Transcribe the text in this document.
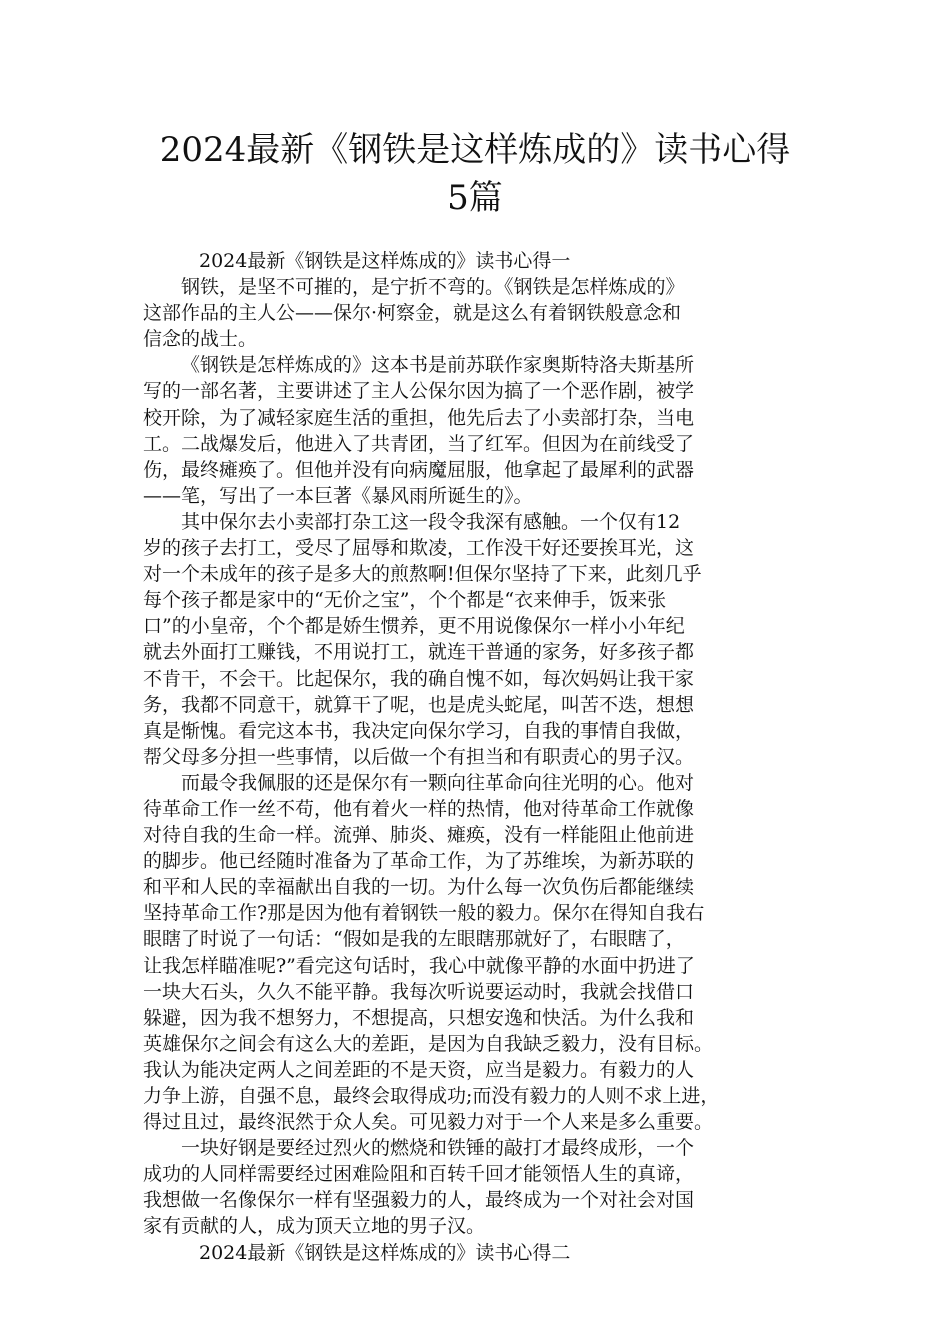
2024最新《钢铁是这样炼成的》读书心得
5篇

2024最新《钢铁是这样炼成的》读书心得一

钢铁，是坚不可摧的，是宁折不弯的。《钢铁是怎样炼成的》
这部作品的主人公——保尔·柯察金，就是这么有着钢铁般意念和
信念的战士。

《钢铁是怎样炼成的》这本书是前苏联作家奥斯特洛夫斯基所
写的一部名著，主要讲述了主人公保尔因为搞了一个恶作剧，被学
校开除，为了减轻家庭生活的重担，他先后去了小卖部打杂，当电
工。二战爆发后，他进入了共青团，当了红军。但因为在前线受了
伤，最终瘫痪了。但他并没有向病魔屈服，他拿起了最犀利的武器
——笔，写出了一本巨著《暴风雨所诞生的》。

其中保尔去小卖部打杂工这一段令我深有感触。一个仅有12
岁的孩子去打工，受尽了屈辱和欺凌，工作没干好还要挨耳光，这
对一个未成年的孩子是多大的煎熬啊!但保尔坚持了下来，此刻几乎
每个孩子都是家中的“无价之宝”，个个都是“衣来伸手，饭来张
口”的小皇帝，个个都是娇生惯养，更不用说像保尔一样小小年纪
就去外面打工赚钱，不用说打工，就连干普通的家务，好多孩子都
不肯干，不会干。比起保尔，我的确自愧不如，每次妈妈让我干家
务，我都不同意干，就算干了呢，也是虎头蛇尾，叫苦不迭，想想
真是惭愧。看完这本书，我决定向保尔学习，自我的事情自我做，
帮父母多分担一些事情，以后做一个有担当和有职责心的男子汉。

而最令我佩服的还是保尔有一颗向往革命向往光明的心。他对
待革命工作一丝不苟，他有着火一样的热情，他对待革命工作就像
对待自我的生命一样。流弹、肺炎、瘫痪，没有一样能阻止他前进
的脚步。他已经随时准备为了革命工作，为了苏维埃，为新苏联的
和平和人民的幸福献出自我的一切。为什么每一次负伤后都能继续
坚持革命工作?那是因为他有着钢铁一般的毅力。保尔在得知自我右
眼瞎了时说了一句话：“假如是我的左眼瞎那就好了，右眼瞎了，
让我怎样瞄准呢?”看完这句话时，我心中就像平静的水面中扔进了
一块大石头，久久不能平静。我每次听说要运动时，我就会找借口
躲避，因为我不想努力，不想提高，只想安逸和快活。为什么我和
英雄保尔之间会有这么大的差距，是因为自我缺乏毅力，没有目标。
我认为能决定两人之间差距的不是天资，应当是毅力。有毅力的人
力争上游，自强不息，最终会取得成功;而没有毅力的人则不求上进，
得过且过，最终泯然于众人矣。可见毅力对于一个人来是多么重要。

一块好钢是要经过烈火的燃烧和铁锤的敲打才最终成形，一个
成功的人同样需要经过困难险阻和百转千回才能领悟人生的真谛，
我想做一名像保尔一样有坚强毅力的人，最终成为一个对社会对国
家有贡献的人，成为顶天立地的男子汉。

2024最新《钢铁是这样炼成的》读书心得二
